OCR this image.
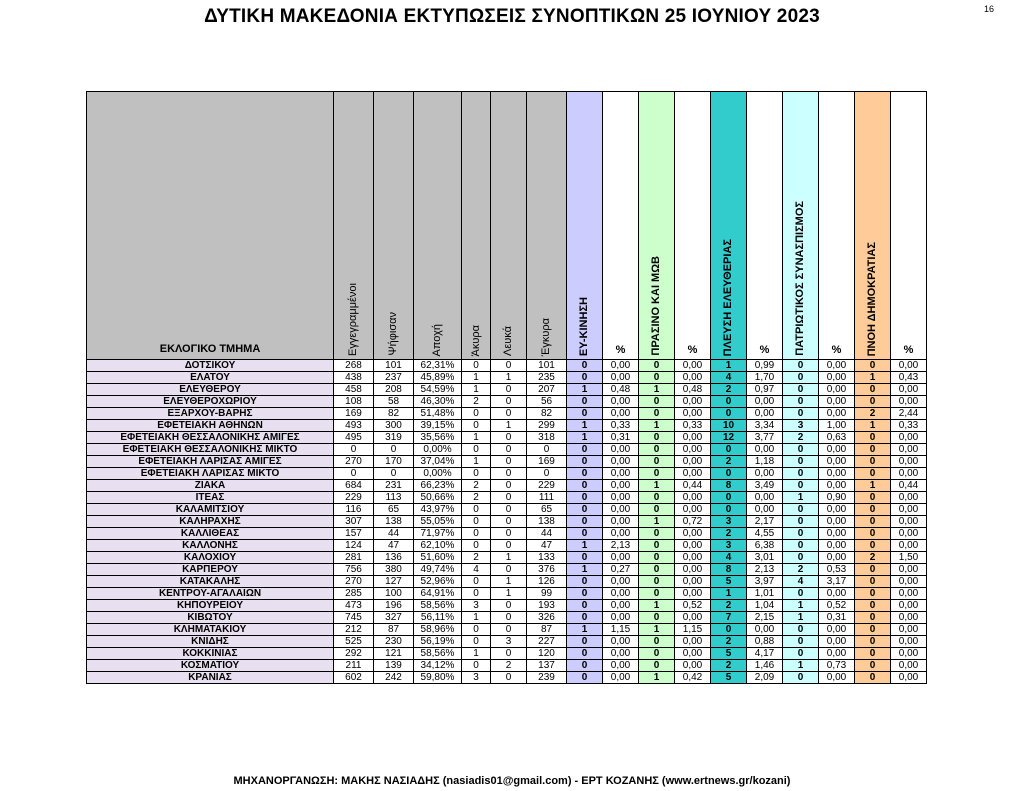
ΔΥΤΙΚΗ ΜΑΚΕΔΟΝΙΑ ΕΚΤΥΠΩΣΕΙΣ ΣΥΝΟΠΤΙΚΩΝ 25 ΙΟΥΝΙΟΥ 2023	16
ΕΚΛΟΓΙΚΟ ΤΜΗΜΑ	Εγγεγραμμένοι	Ψήφισαν	Αποχή	Άκυρα	Λευκά	Έγκυρα	ΕΥ-ΚΙΝΗΣΗ	%	ΠΡΑΣΙΝΟ ΚΑΙ ΜΩΒ	%	ΠΛΕΥΣΗ ΕΛΕΥΘΕΡΙΑΣ	%	ΠΑΤΡΙΩΤΙΚΟΣ ΣΥΝΑΣΠΙΣΜΟΣ	%	ΠΝΟΗ ΔΗΜΟΚΡΑΤΙΑΣ	%

ΔΟΤΣΙΚΟΥ	268	101	62,31%	0	0	101	0	0,00	0	0,00	1	0,99	0	0,00	0	0,00
ΕΛΑΤΟΥ	438	237	45,89%	1	1	235	0	0,00	0	0,00	4	1,70	0	0,00	1	0,43
ΕΛΕΥΘΕΡΟΥ	458	208	54,59%	1	0	207	1	0,48	1	0,48	2	0,97	0	0,00	0	0,00
ΕΛΕΥΘΕΡΟΧΩΡΙΟΥ	108	58	46,30%	2	0	56	0	0,00	0	0,00	0	0,00	0	0,00	0	0,00
ΕΞΑΡΧΟΥ-ΒΑΡΗΣ	169	82	51,48%	0	0	82	0	0,00	0	0,00	0	0,00	0	0,00	2	2,44
ΕΦΕΤΕΙΑΚΗ ΑΘΗΝΩΝ	493	300	39,15%	0	1	299	1	0,33	1	0,33	10	3,34	3	1,00	1	0,33
ΕΦΕΤΕΙΑΚΗ ΘΕΣΣΑΛΟΝΙΚΗΣ ΑΜΙΓΕΣ	495	319	35,56%	1	0	318	1	0,31	0	0,00	12	3,77	2	0,63	0	0,00
ΕΦΕΤΕΙΑΚΗ ΘΕΣΣΑΛΟΝΙΚΗΣ ΜΙΚΤΟ	0	0	0,00%	0	0	0	0	0,00	0	0,00	0	0,00	0	0,00	0	0,00
ΕΦΕΤΕΙΑΚΗ ΛΑΡΙΣΑΣ ΑΜΙΓΕΣ	270	170	37,04%	1	0	169	0	0,00	0	0,00	2	1,18	0	0,00	0	0,00
ΕΦΕΤΕΙΑΚΗ ΛΑΡΙΣΑΣ ΜΙΚΤΟ	0	0	0,00%	0	0	0	0	0,00	0	0,00	0	0,00	0	0,00	0	0,00
ΖΙΑΚΑ	684	231	66,23%	2	0	229	0	0,00	1	0,44	8	3,49	0	0,00	1	0,44
ΙΤΕΑΣ	229	113	50,66%	2	0	111	0	0,00	0	0,00	0	0,00	1	0,90	0	0,00
ΚΑΛΑΜΙΤΣΙΟΥ	116	65	43,97%	0	0	65	0	0,00	0	0,00	0	0,00	0	0,00	0	0,00
ΚΑΛΗΡΑΧΗΣ	307	138	55,05%	0	0	138	0	0,00	1	0,72	3	2,17	0	0,00	0	0,00
ΚΑΛΛΙΘΕΑΣ	157	44	71,97%	0	0	44	0	0,00	0	0,00	2	4,55	0	0,00	0	0,00
ΚΑΛΛΟΝΗΣ	124	47	62,10%	0	0	47	1	2,13	0	0,00	3	6,38	0	0,00	0	0,00
ΚΑΛΟΧΙΟΥ	281	136	51,60%	2	1	133	0	0,00	0	0,00	4	3,01	0	0,00	2	1,50
ΚΑΡΠΕΡΟΥ	756	380	49,74%	4	0	376	1	0,27	0	0,00	8	2,13	2	0,53	0	0,00
ΚΑΤΑΚΑΛΗΣ	270	127	52,96%	0	1	126	0	0,00	0	0,00	5	3,97	4	3,17	0	0,00
ΚΕΝΤΡΟΥ-ΑΓΑΛΑΙΩΝ	285	100	64,91%	0	1	99	0	0,00	0	0,00	1	1,01	0	0,00	0	0,00
ΚΗΠΟΥΡΕΙΟΥ	473	196	58,56%	3	0	193	0	0,00	1	0,52	2	1,04	1	0,52	0	0,00
ΚΙΒΩΤΟΥ	745	327	56,11%	1	0	326	0	0,00	0	0,00	7	2,15	1	0,31	0	0,00
ΚΛΗΜΑΤΑΚΙΟΥ	212	87	58,96%	0	0	87	1	1,15	1	1,15	0	0,00	0	0,00	0	0,00
ΚΝΙΔΗΣ	525	230	56,19%	0	3	227	0	0,00	0	0,00	2	0,88	0	0,00	0	0,00
ΚΟΚΚΙΝΙΑΣ	292	121	58,56%	1	0	120	0	0,00	0	0,00	5	4,17	0	0,00	0	0,00
ΚΟΣΜΑΤΙΟΥ	211	139	34,12%	0	2	137	0	0,00	0	0,00	2	1,46	1	0,73	0	0,00
ΚΡΑΝΙΑΣ	602	242	59,80%	3	0	239	0	0,00	1	0,42	5	2,09	0	0,00	0	0,00
ΜΗΧΑΝΟΡΓΑΝΩΣΗ: ΜΑΚΗΣ ΝΑΣΙΑΔΗΣ (nasiadis01@gmail.com) - ΕΡΤ ΚΟΖΑΝΗΣ (www.ertnews.gr/kozani)
